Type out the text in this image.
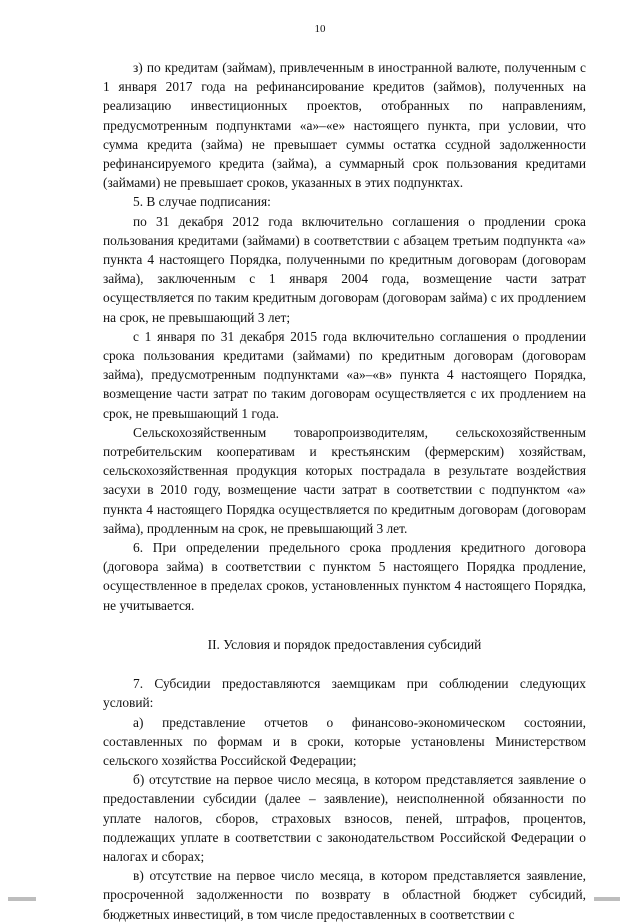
10

з) по кредитам (займам), привлеченным в иностранной валюте, полученным с 1 января 2017 года на рефинансирование кредитов (займов), полученных на реализацию инвестиционных проектов, отобранных по направлениям, предусмотренным подпунктами «а»–«е» настоящего пункта, при условии, что сумма кредита (займа) не превышает суммы остатка ссудной задолженности рефинансируемого кредита (займа), а суммарный срок пользования кредитами (займами) не превышает сроков, указанных в этих подпунктах.

5. В случае подписания:

по 31 декабря 2012 года включительно соглашения о продлении срока пользования кредитами (займами) в соответствии с абзацем третьим подпункта «а» пункта 4 настоящего Порядка, полученными по кредитным договорам (договорам займа), заключенным с 1 января 2004 года, возмещение части затрат осуществляется по таким кредитным договорам (договорам займа) с их продлением на срок, не превышающий 3 лет;

с 1 января по 31 декабря 2015 года включительно соглашения о продлении срока пользования кредитами (займами) по кредитным договорам (договорам займа), предусмотренным подпунктами «а»–«в» пункта 4 настоящего Порядка, возмещение части затрат по таким договорам осуществляется с их продлением на срок, не превышающий 1 года.

Сельскохозяйственным товаропроизводителям, сельскохозяйственным потребительским кооперативам и крестьянским (фермерским) хозяйствам, сельскохозяйственная продукция которых пострадала в результате воздействия засухи в 2010 году, возмещение части затрат в соответствии с подпунктом «а» пункта 4 настоящего Порядка осуществляется по кредитным договорам (договорам займа), продленным на срок, не превышающий 3 лет.

6. При определении предельного срока продления кредитного договора (договора займа) в соответствии с пунктом 5 настоящего Порядка продление, осуществленное в пределах сроков, установленных пунктом 4 настоящего Порядка, не учитывается.

II. Условия и порядок предоставления субсидий

7. Субсидии предоставляются заемщикам при соблюдении следующих условий:

а) представление отчетов о финансово-экономическом состоянии, составленных по формам и в сроки, которые установлены Министерством сельского хозяйства Российской Федерации;

б) отсутствие на первое число месяца, в котором представляется заявление о предоставлении субсидии (далее – заявление), неисполненной обязанности по уплате налогов, сборов, страховых взносов, пеней, штрафов, процентов, подлежащих уплате в соответствии с законодательством Российской Федерации о налогах и сборах;

в) отсутствие на первое число месяца, в котором представляется заявление, просроченной задолженности по возврату в областной бюджет субсидий, бюджетных инвестиций, в том числе предоставленных в соответствии с
